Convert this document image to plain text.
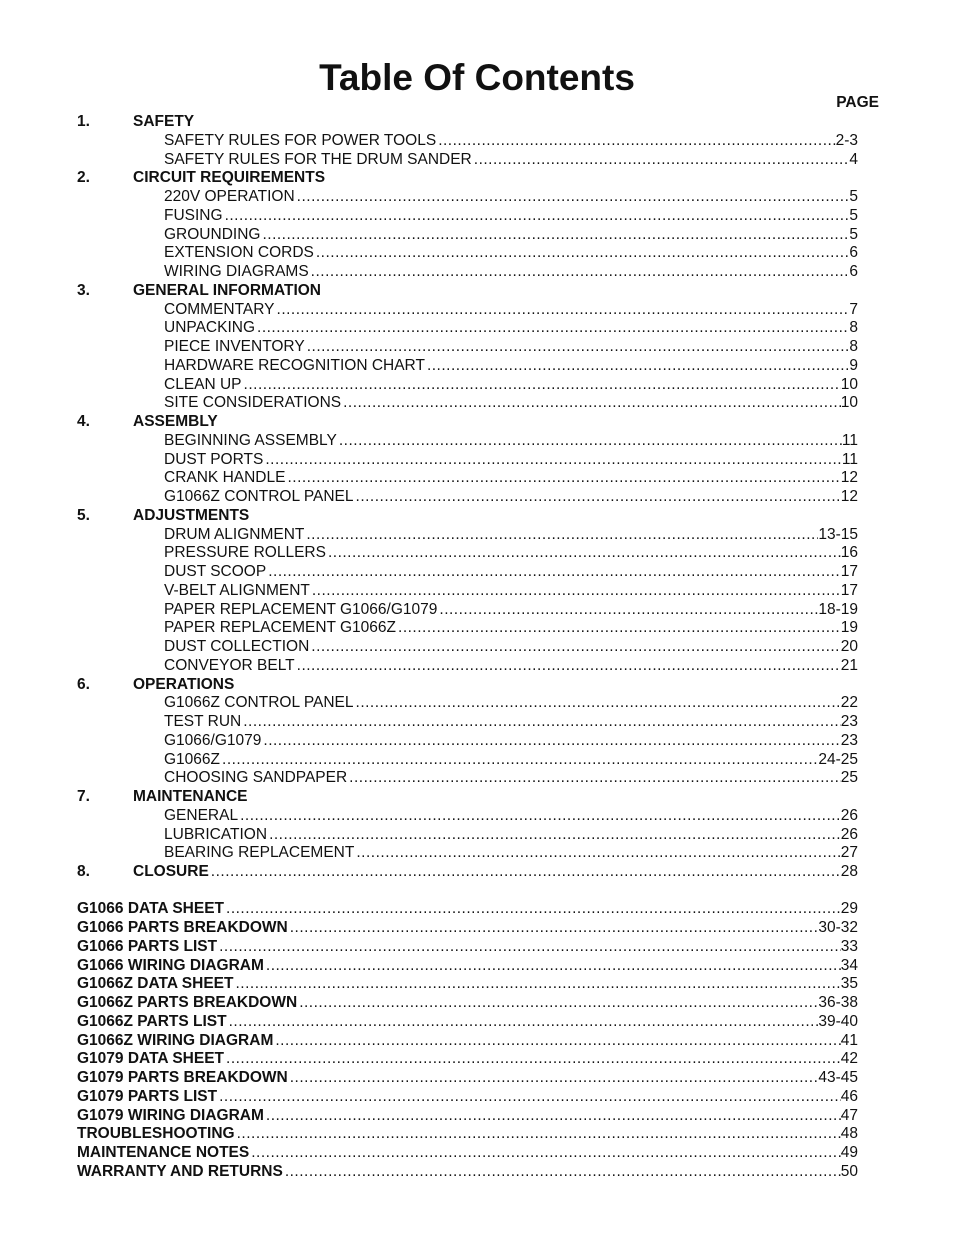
Table Of Contents
PAGE
1.	SAFETY
SAFETY RULES FOR POWER TOOLS .....	2-3
SAFETY RULES FOR THE DRUM SANDER .....	4
2.	CIRCUIT REQUIREMENTS
220V OPERATION .....	5
FUSING .....	5
GROUNDING .....	5
EXTENSION CORDS .....	6
WIRING DIAGRAMS .....	6
3.	GENERAL INFORMATION
COMMENTARY .....	7
UNPACKING .....	8
PIECE INVENTORY .....	8
HARDWARE RECOGNITION CHART .....	9
CLEAN UP .....	10
SITE CONSIDERATIONS .....	10
4.	ASSEMBLY
BEGINNING ASSEMBLY .....	11
DUST PORTS .....	11
CRANK HANDLE .....	12
G1066Z CONTROL PANEL .....	12
5.	ADJUSTMENTS
DRUM ALIGNMENT .....	13-15
PRESSURE ROLLERS .....	16
DUST SCOOP .....	17
V-BELT ALIGNMENT .....	17
PAPER REPLACEMENT G1066/G1079 .....	18-19
PAPER REPLACEMENT G1066Z .....	19
DUST COLLECTION .....	20
CONVEYOR BELT .....	21
6.	OPERATIONS
G1066Z CONTROL PANEL .....	22
TEST RUN .....	23
G1066/G1079 .....	23
G1066Z .....	24-25
CHOOSING SANDPAPER .....	25
7.	MAINTENANCE
GENERAL .....	26
LUBRICATION .....	26
BEARING REPLACEMENT .....	27
8.	CLOSURE .....	28
G1066 DATA SHEET .....	29
G1066 PARTS BREAKDOWN .....	30-32
G1066 PARTS LIST .....	33
G1066 WIRING DIAGRAM .....	34
G1066Z DATA SHEET .....	35
G1066Z PARTS BREAKDOWN .....	36-38
G1066Z PARTS LIST .....	39-40
G1066Z WIRING DIAGRAM .....	41
G1079 DATA SHEET .....	42
G1079 PARTS BREAKDOWN .....	43-45
G1079 PARTS LIST .....	46
G1079 WIRING DIAGRAM .....	47
TROUBLESHOOTING .....	48
MAINTENANCE NOTES .....	49
WARRANTY AND RETURNS .....	50
